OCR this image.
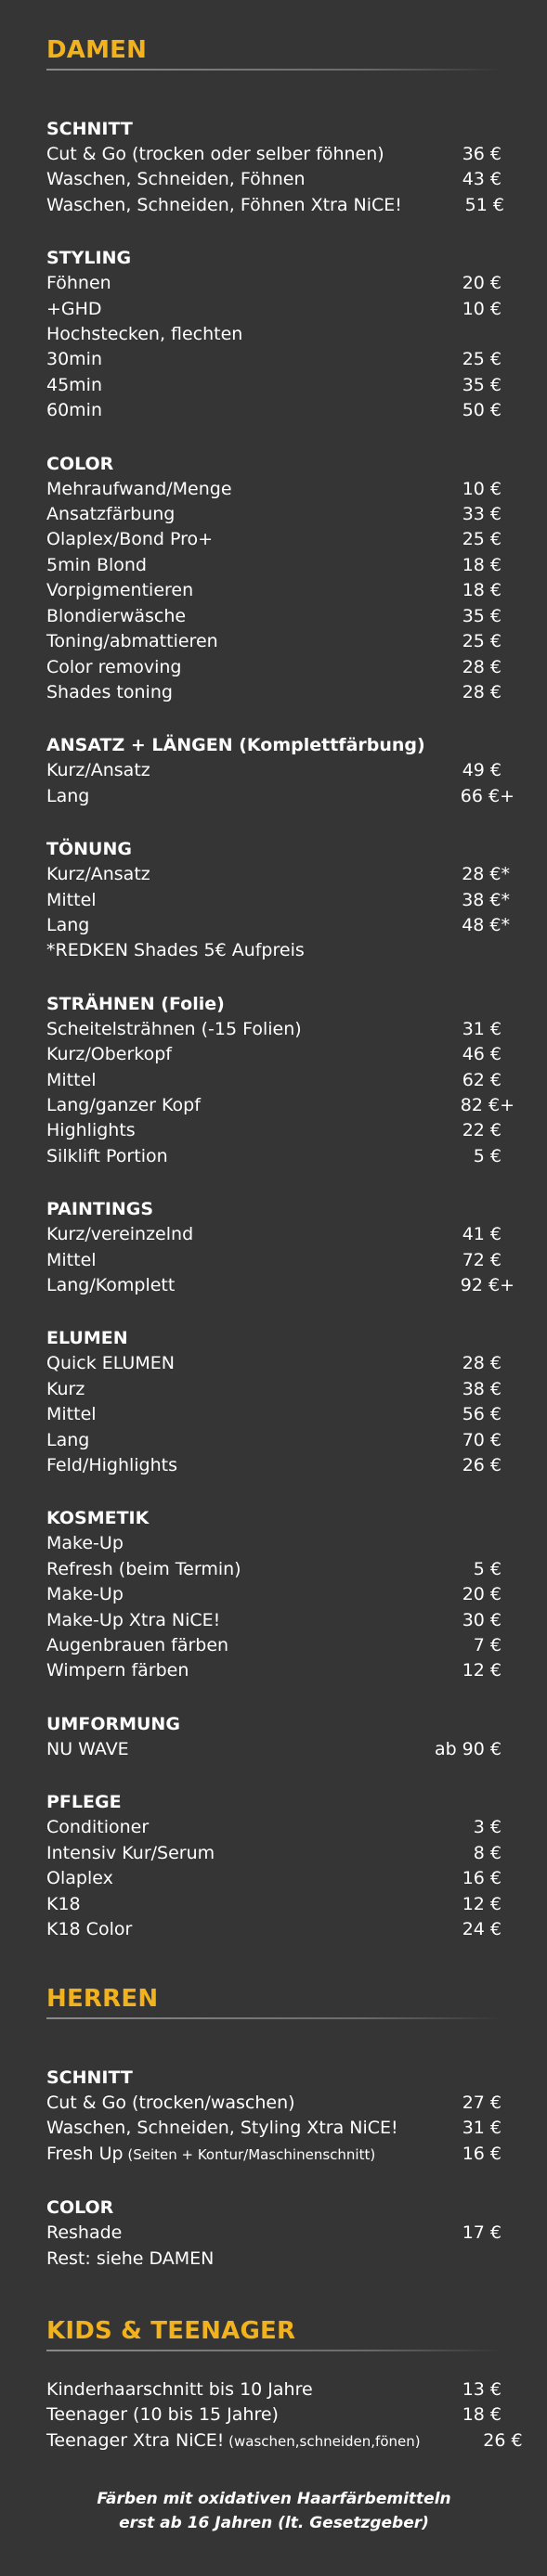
DAMEN
SCHNITT
Cut & Go (trocken oder selber föhnen)	36 €
Waschen, Schneiden, Föhnen	43 €
Waschen, Schneiden, Föhnen Xtra NiCE!	51 €
STYLING
Föhnen	20 €
+GHD	10 €
Hochstecken, flechten
30min	25 €
45min	35 €
60min	50 €
COLOR
Mehraufwand/Menge	10 €
Ansatzfärbung	33 €
Olaplex/Bond Pro+	25 €
5min Blond	18 €
Vorpigmentieren	18 €
Blondierwäsche	35 €
Toning/abmattieren	25 €
Color removing	28 €
Shades toning	28 €
ANSATZ + LÄNGEN (Komplettfärbung)
Kurz/Ansatz	49 €
Lang	66 €+
TÖNUNG
Kurz/Ansatz	28 €*
Mittel	38 €*
Lang	48 €*
*REDKEN Shades 5€ Aufpreis
STRÄHNEN (Folie)
Scheitelsträhnen (-15 Folien)	31 €
Kurz/Oberkopf	46 €
Mittel	62 €
Lang/ganzer Kopf	82 €+
Highlights	22 €
Silklift Portion	5 €
PAINTINGS
Kurz/vereinzelnd	41 €
Mittel	72 €
Lang/Komplett	92 €+
ELUMEN
Quick ELUMEN	28 €
Kurz	38 €
Mittel	56 €
Lang	70 €
Feld/Highlights	26 €
KOSMETIK
Make-Up
Refresh (beim Termin)	5 €
Make-Up	20 €
Make-Up Xtra NiCE!	30 €
Augenbrauen färben	7 €
Wimpern färben	12 €
UMFORMUNG
NU WAVE	ab 90 €
PFLEGE
Conditioner	3 €
Intensiv Kur/Serum	8 €
Olaplex	16 €
K18	12 €
K18 Color	24 €
HERREN
SCHNITT
Cut & Go (trocken/waschen)	27 €
Waschen, Schneiden, Styling Xtra NiCE!	31 €
Fresh Up (Seiten + Kontur/Maschinenschnitt)	16 €
COLOR
Reshade	17 €
Rest: siehe DAMEN
KIDS & TEENAGER
Kinderhaarschnitt bis 10 Jahre	13 €
Teenager (10 bis 15 Jahre)	18 €
Teenager Xtra NiCE! (waschen,schneiden,fönen)	26 €
Färben mit oxidativen Haarfärbemitteln
erst ab 16 Jahren (lt. Gesetzgeber)
